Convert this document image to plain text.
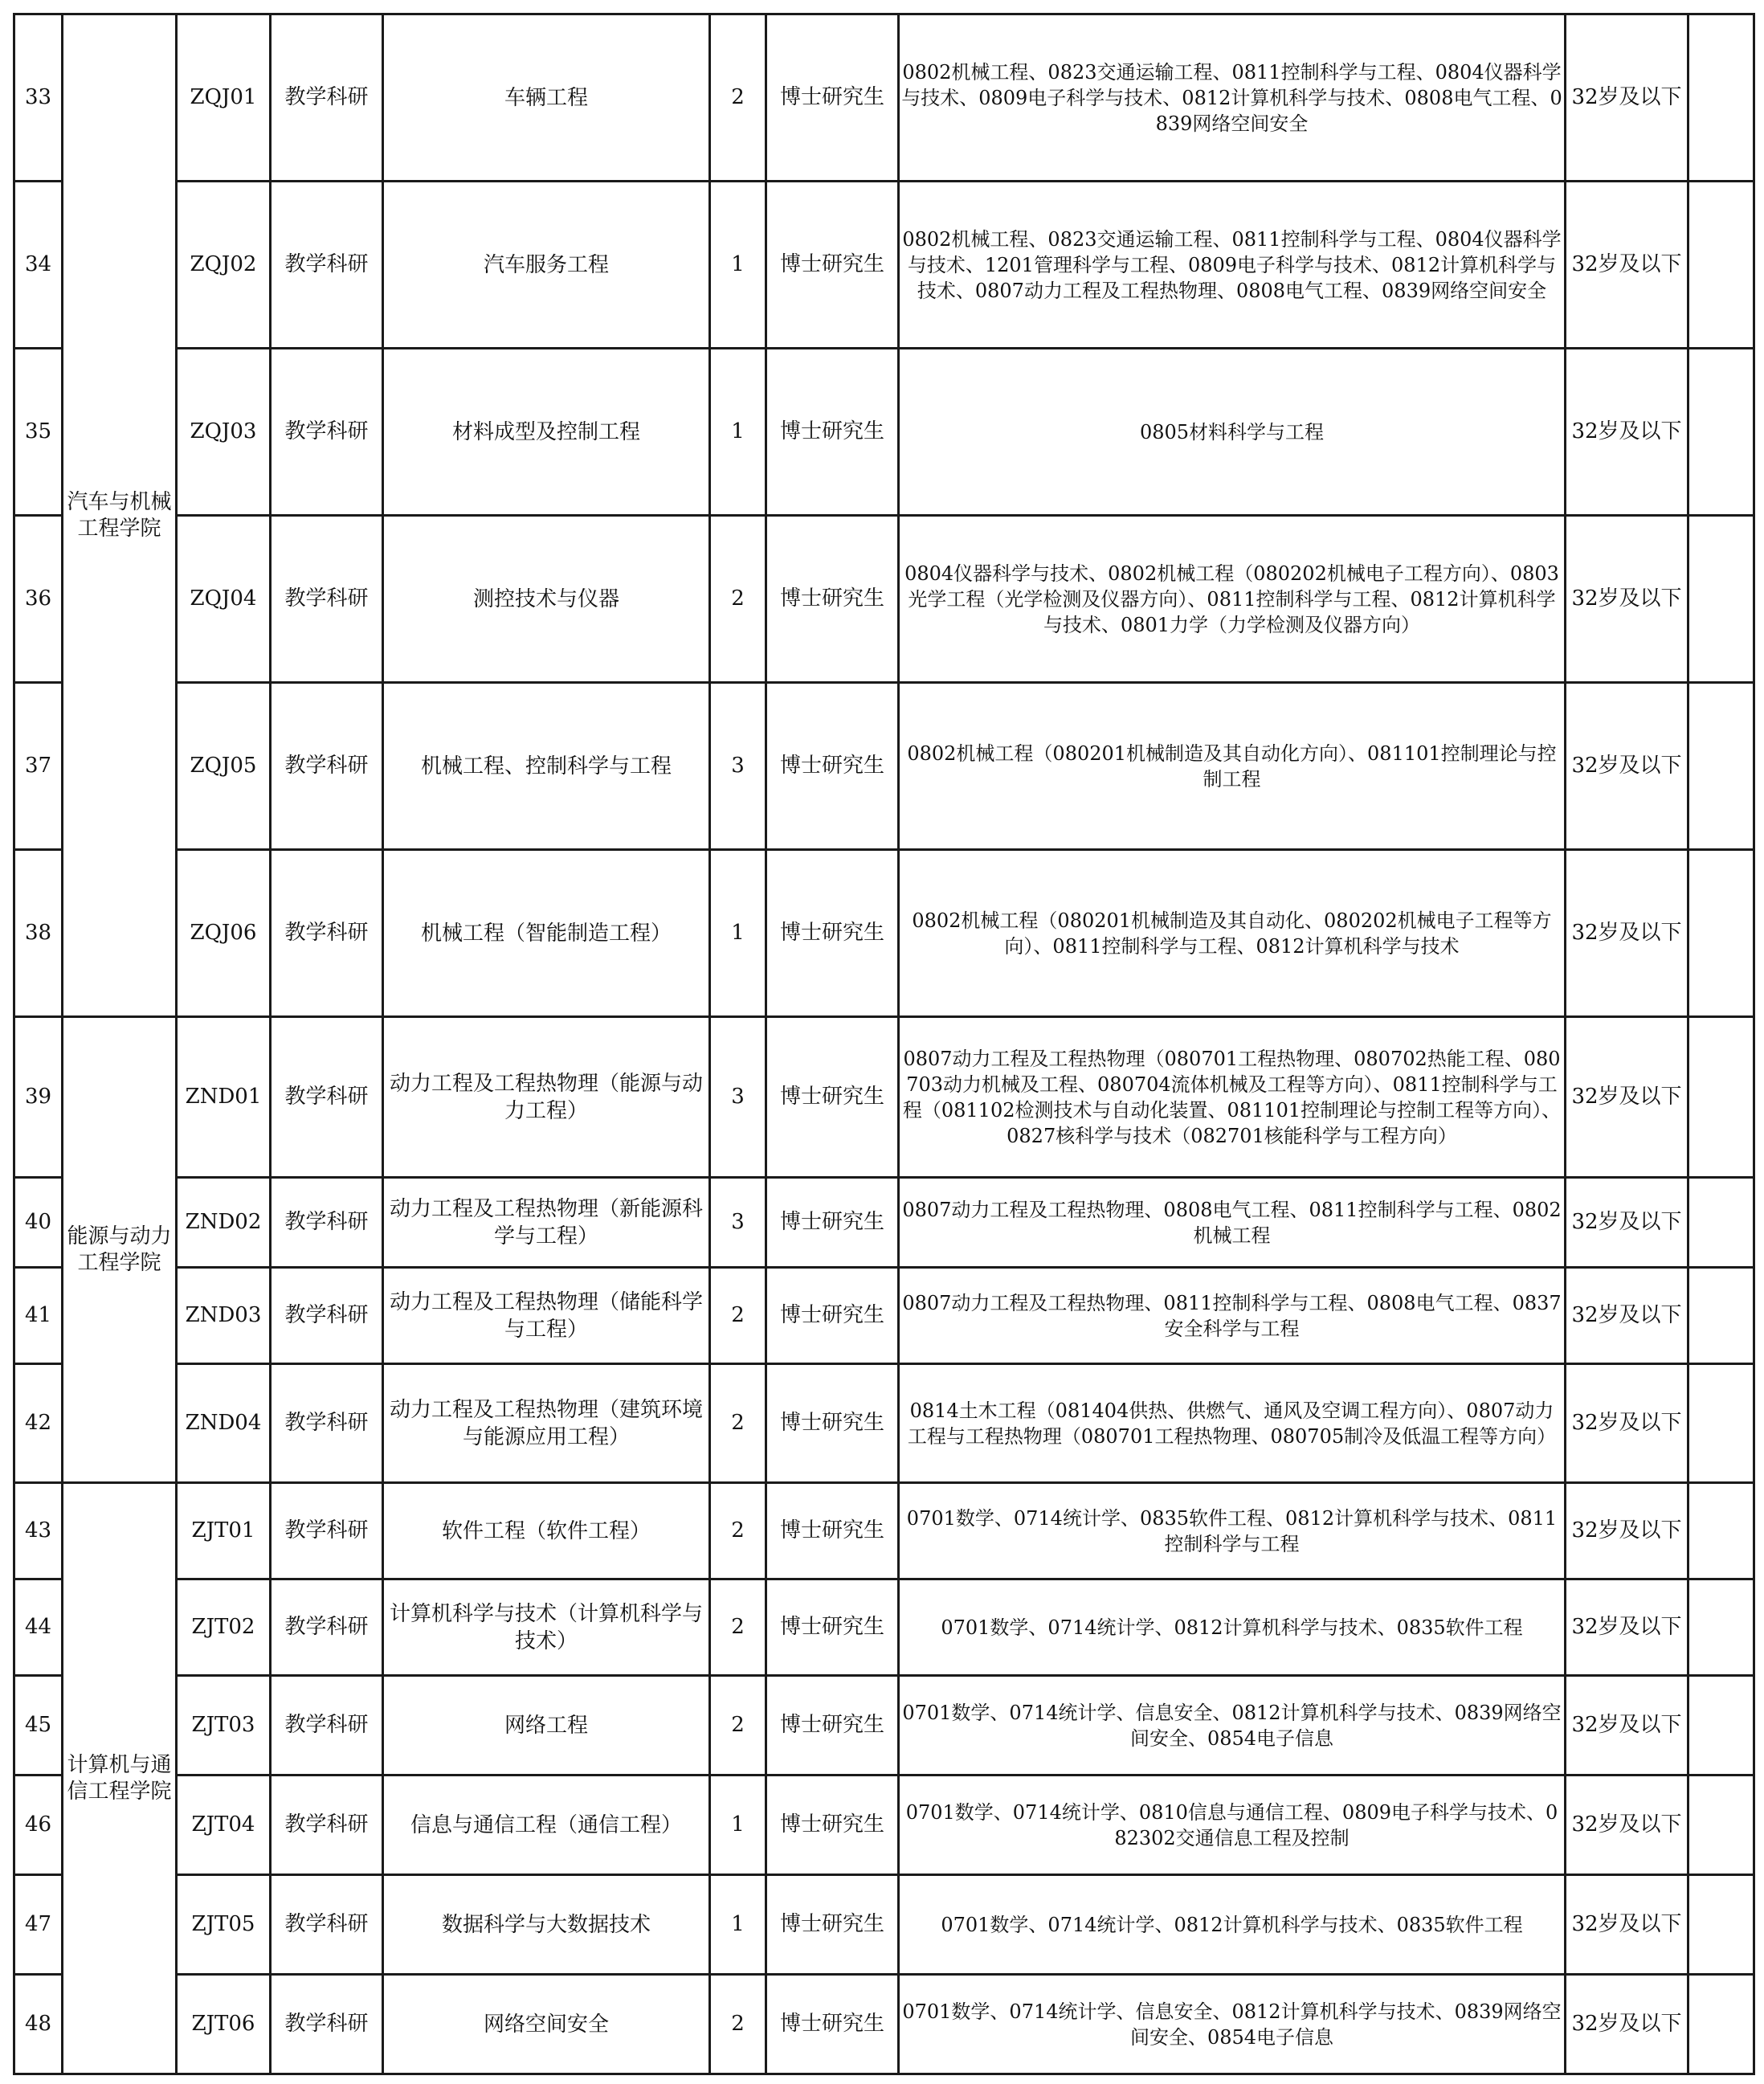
33	汽车与机械工程学院	ZQJ01	教学科研	车辆工程	2	博士研究生	0802机械工程、0823交通运输工程、0811控制科学与工程、0804仪器科学与技术、0809电子科学与技术、0812计算机科学与技术、0808电气工程、0839网络空间安全	32岁及以下	
34		ZQJ02	教学科研	汽车服务工程	1	博士研究生	0802机械工程、0823交通运输工程、0811控制科学与工程、0804仪器科学与技术、1201管理科学与工程、0809电子科学与技术、0812计算机科学与技术、0807动力工程及工程热物理、0808电气工程、0839网络空间安全	32岁及以下	
35		ZQJ03	教学科研	材料成型及控制工程	1	博士研究生	0805材料科学与工程	32岁及以下	
36		ZQJ04	教学科研	测控技术与仪器	2	博士研究生	0804仪器科学与技术、0802机械工程（080202机械电子工程方向）、0803光学工程（光学检测及仪器方向）、0811控制科学与工程、0812计算机科学与技术、0801力学（力学检测及仪器方向）	32岁及以下	
37		ZQJ05	教学科研	机械工程、控制科学与工程	3	博士研究生	0802机械工程（080201机械制造及其自动化方向）、081101控制理论与控制工程	32岁及以下	
38		ZQJ06	教学科研	机械工程（智能制造工程）	1	博士研究生	0802机械工程（080201机械制造及其自动化、080202机械电子工程等方向）、0811控制科学与工程、0812计算机科学与技术	32岁及以下	
39	能源与动力工程学院	ZND01	教学科研	动力工程及工程热物理（能源与动力工程）	3	博士研究生	0807动力工程及工程热物理（080701工程热物理、080702热能工程、080703动力机械及工程、080704流体机械及工程等方向）、0811控制科学与工程（081102检测技术与自动化装置、081101控制理论与控制工程等方向）、0827核科学与技术（082701核能科学与工程方向）	32岁及以下	
40		ZND02	教学科研	动力工程及工程热物理（新能源科学与工程）	3	博士研究生	0807动力工程及工程热物理、0808电气工程、0811控制科学与工程、0802机械工程	32岁及以下	
41		ZND03	教学科研	动力工程及工程热物理（储能科学与工程）	2	博士研究生	0807动力工程及工程热物理、0811控制科学与工程、0808电气工程、0837安全科学与工程	32岁及以下	
42		ZND04	教学科研	动力工程及工程热物理（建筑环境与能源应用工程）	2	博士研究生	0814土木工程（081404供热、供燃气、通风及空调工程方向）、0807动力工程与工程热物理（080701工程热物理、080705制冷及低温工程等方向）	32岁及以下	
43	计算机与通信工程学院	ZJT01	教学科研	软件工程（软件工程）	2	博士研究生	0701数学、0714统计学、0835软件工程、0812计算机科学与技术、0811控制科学与工程	32岁及以下	
44		ZJT02	教学科研	计算机科学与技术（计算机科学与技术）	2	博士研究生	0701数学、0714统计学、0812计算机科学与技术、0835软件工程	32岁及以下	
45		ZJT03	教学科研	网络工程	2	博士研究生	0701数学、0714统计学、信息安全、0812计算机科学与技术、0839网络空间安全、0854电子信息	32岁及以下	
46		ZJT04	教学科研	信息与通信工程（通信工程）	1	博士研究生	0701数学、0714统计学、0810信息与通信工程、0809电子科学与技术、082302交通信息工程及控制	32岁及以下	
47		ZJT05	教学科研	数据科学与大数据技术	1	博士研究生	0701数学、0714统计学、0812计算机科学与技术、0835软件工程	32岁及以下	
48		ZJT06	教学科研	网络空间安全	2	博士研究生	0701数学、0714统计学、信息安全、0812计算机科学与技术、0839网络空间安全、0854电子信息	32岁及以下	
